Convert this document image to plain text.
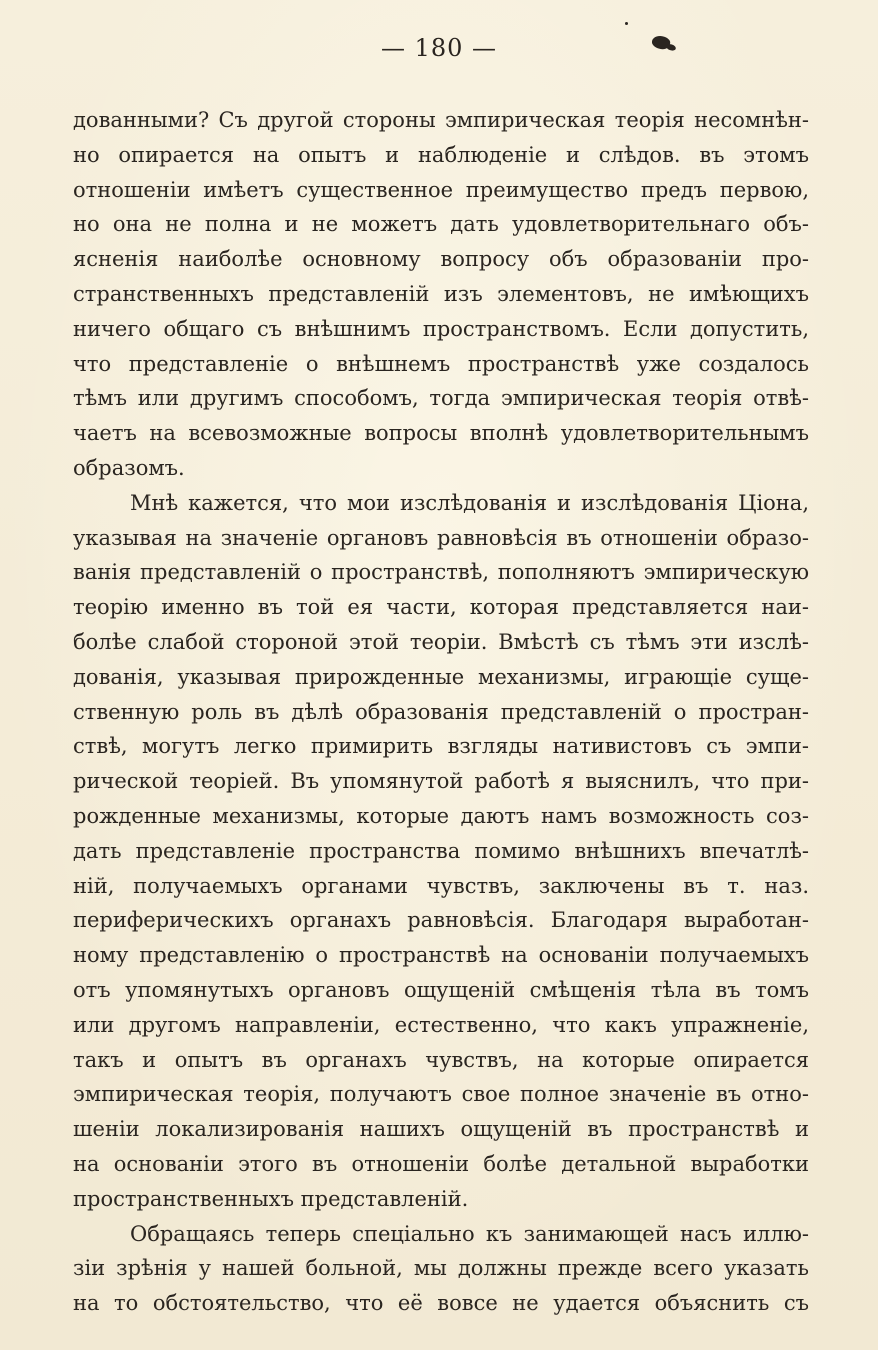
— 180 —
дованными? Съ другой стороны эмпирическая теорія несомнѣн-
но опирается на опытъ и наблюденіе и слѣдов. въ этомъ
отношеніи имѣетъ существенное преимущество предъ первою,
но она не полна и не можетъ дать удовлетворительнаго объ-
ясненія наиболѣе основному вопросу объ образованіи про-
странственныхъ представленій изъ элементовъ, не имѣющихъ
ничего общаго съ внѣшнимъ пространствомъ. Если допустить,
что представленіе о внѣшнемъ пространствѣ уже создалось
тѣмъ или другимъ способомъ, тогда эмпирическая теорія отвѣ-
чаетъ на всевозможные вопросы вполнѣ удовлетворительнымъ
образомъ.
Мнѣ кажется, что мои изслѣдованія и изслѣдованія Ціона,
указывая на значеніе органовъ равновѣсія въ отношеніи образо-
ванія представленій о пространствѣ, пополняютъ эмпирическую
теорію именно въ той ея части, которая представляется наи-
болѣе слабой стороной этой теоріи. Вмѣстѣ съ тѣмъ эти изслѣ-
дованія, указывая прирожденные механизмы, играющіе суще-
ственную роль въ дѣлѣ образованія представленій о простран-
ствѣ, могутъ легко примирить взгляды нативистовъ съ эмпи-
рической теоріей. Въ упомянутой работѣ я выяснилъ, что при-
рожденные механизмы, которые даютъ намъ возможность соз-
дать представленіе пространства помимо внѣшнихъ впечатлѣ-
ній, получаемыхъ органами чувствъ, заключены въ т. наз.
периферическихъ органахъ равновѣсія. Благодаря выработан-
ному представленію о пространствѣ на основаніи получаемыхъ
отъ упомянутыхъ органовъ ощущеній смѣщенія тѣла въ томъ
или другомъ направленіи, естественно, что какъ упражненіе,
такъ и опытъ въ органахъ чувствъ, на которые опирается
эмпирическая теорія, получаютъ свое полное значеніе въ отно-
шеніи локализированія нашихъ ощущеній въ пространствѣ и
на основаніи этого въ отношеніи болѣе детальной выработки
пространственныхъ представленій.
Обращаясь теперь спеціально къ занимающей насъ иллю-
зіи зрѣнія у нашей больной, мы должны прежде всего указать
на то обстоятельство, что её вовсе не удается объяснить съ
